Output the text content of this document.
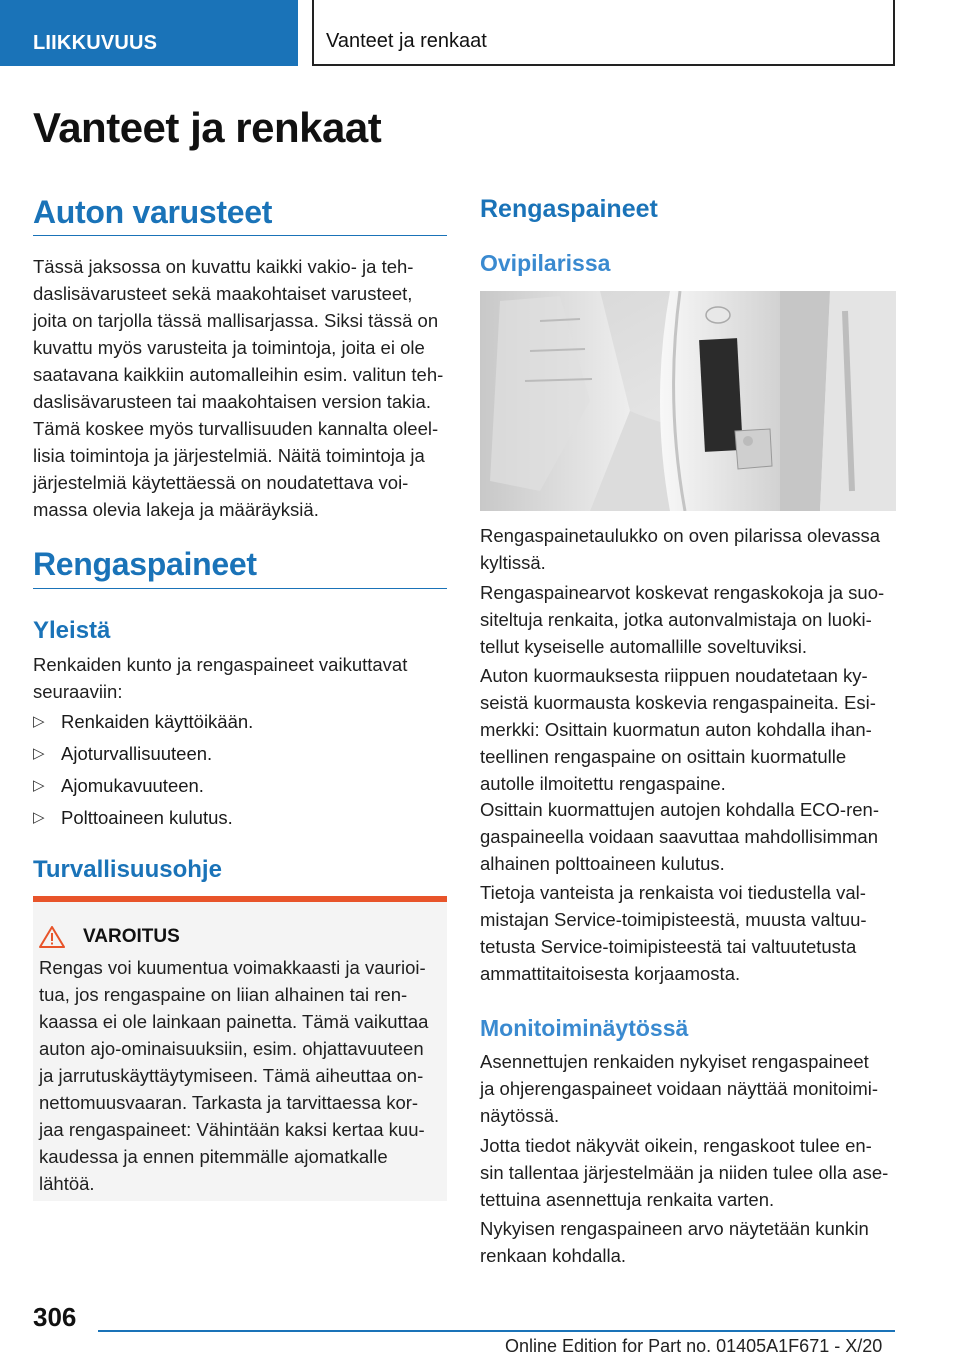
LIIKKUVUUS	Vanteet ja renkaat
Vanteet ja renkaat
Auton varusteet
Tässä jaksossa on kuvattu kaikki vakio- ja teh-
daslisävarusteet sekä maakohtaiset varusteet,
joita on tarjolla tässä mallisarjassa. Siksi tässä on
kuvattu myös varusteita ja toimintoja, joita ei ole
saatavana kaikkiin automalleihin esim. valitun teh-
daslisävarusteen tai maakohtaisen version takia.
Tämä koskee myös turvallisuuden kannalta oleel-
lisia toimintoja ja järjestelmiä. Näitä toimintoja ja
järjestelmiä käytettäessä on noudatettava voi-
massa olevia lakeja ja määräyksiä.
Rengaspaineet
Yleistä
Renkaiden kunto ja rengaspaineet vaikuttavat
seuraaviin:
▷ Renkaiden käyttöikään.
▷ Ajoturvallisuuteen.
▷ Ajomukavuuteen.
▷ Polttoaineen kulutus.
Turvallisuusohje
VAROITUS
Rengas voi kuumentua voimakkaasti ja vaurioi-
tua, jos rengaspaine on liian alhainen tai ren-
kaassa ei ole lainkaan painetta. Tämä vaikuttaa
auton ajo-ominaisuuksiin, esim. ohjattavuuteen
ja jarrutuskäyttäytymiseen. Tämä aiheuttaa on-
nettomuusvaaran. Tarkasta ja tarvittaessa kor-
jaa rengaspaineet: Vähintään kaksi kertaa kuu-
kaudessa ja ennen pitemmälle ajomatkalle
lähtöä.
Rengaspaineet
Ovipilarissa
Rengaspainetaulukko on oven pilarissa olevassa
kyltissä.
Rengaspainearvot koskevat rengaskokoja ja suo-
siteltuja renkaita, jotka autonvalmistaja on luoki-
tellut kyseiselle automallille soveltuviksi.
Auton kuormauksesta riippuen noudatetaan ky-
seistä kuormausta koskevia rengaspaineita. Esi-
merkki: Osittain kuormatun auton kohdalla ihan-
teellinen rengaspaine on osittain kuormatulle
autolle ilmoitettu rengaspaine.
Osittain kuormattujen autojen kohdalla ECO-ren-
gaspaineella voidaan saavuttaa mahdollisimman
alhainen polttoaineen kulutus.
Tietoja vanteista ja renkaista voi tiedustella val-
mistajan Service-toimipisteestä, muusta valtuu-
tetusta Service-toimipisteestä tai valtuutetusta
ammattitaitoisesta korjaamosta.
Monitoiminäytössä
Asennettujen renkaiden nykyiset rengaspaineet
ja ohjerengaspaineet voidaan näyttää monitoimi-
näytössä.
Jotta tiedot näkyvät oikein, rengaskoot tulee en-
sin tallentaa järjestelmään ja niiden tulee olla ase-
tettuina asennettuja renkaita varten.
Nykyisen rengaspaineen arvo näytetään kunkin
renkaan kohdalla.
306
Online Edition for Part no. 01405A1F671 - X/20
